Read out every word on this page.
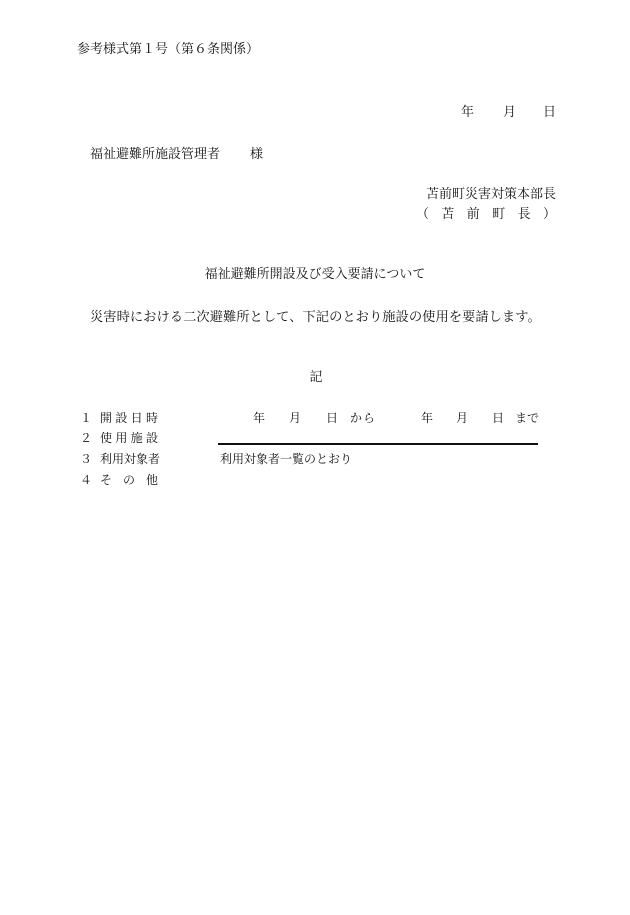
参考様式第１号（第６条関係）
年 月 日
福祉避難所施設管理者 様
苫前町災害対策本部長
（苫前町長）
福祉避難所開設及び受入要請について
災害時における二次避難所として、下記のとおり施設の使用を要請します。
記
１ 開設日時	年 月 日 から	年 月 日 まで
２ 使用施設
３ 利用対象者	利用対象者一覧のとおり
４ その他
